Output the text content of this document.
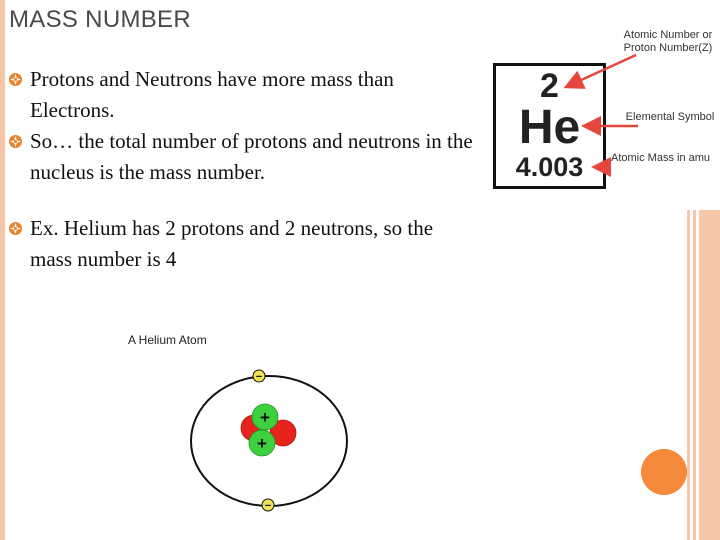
MASS NUMBER
Protons and Neutrons have more mass than Electrons.
So… the total number of protons and neutrons in the nucleus is the mass number.
Ex. Helium has 2 protons and 2 neutrons, so the mass number is 4
2
He
4.003
Atomic Number or Proton Number(Z)
Elemental Symbol
Atomic Mass in amu
A Helium Atom
+
+
−
−
